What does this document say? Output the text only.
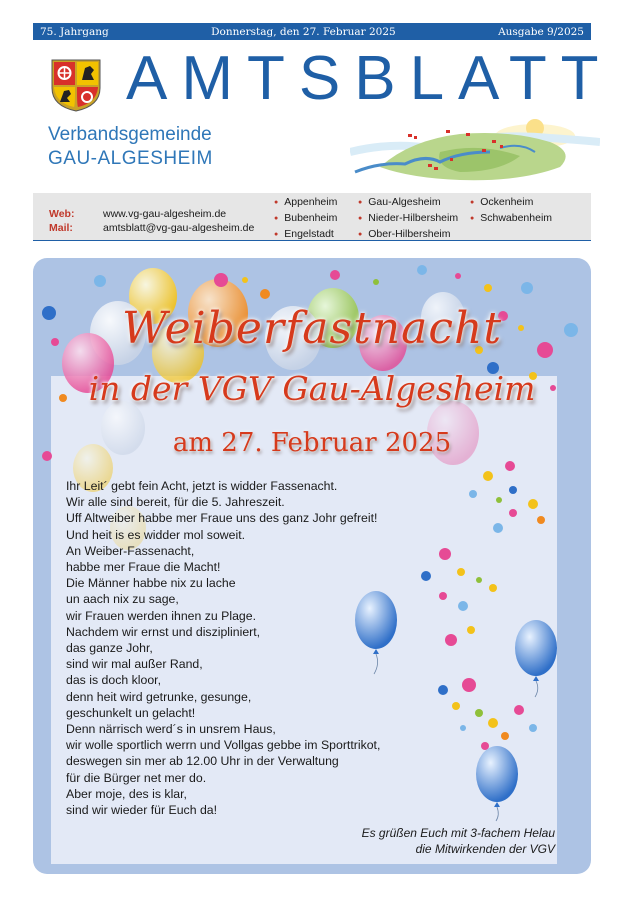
75. Jahrgang	Donnerstag, den 27. Februar 2025	Ausgabe 9/2025
AMTSBLATT
Verbandsgemeinde
GAU-ALGESHEIM
Web:	www.vg-gau-algesheim.de
Mail:	amtsblatt@vg-gau-algesheim.de
● Appenheim
● Bubenheim
● Engelstadt
● Gau-Algesheim
● Nieder-Hilbersheim
● Ober-Hilbersheim
● Ockenheim
● Schwabenheim
Weiberfastnacht
in der VGV Gau-Algesheim
am 27. Februar 2025
Ihr Leit´ gebt fein Acht, jetzt is widder Fassenacht.
Wir alle sind bereit, für die 5. Jahreszeit.
Uff Altweiber habbe mer Fraue uns des ganz Johr gefreit!
Und heit is es widder mol soweit.
An Weiber-Fassenacht,
habbe mer Fraue die Macht!
Die Männer habbe nix zu lache
un aach nix zu sage,
wir Frauen werden ihnen zu Plage.
Nachdem wir ernst und diszipliniert,
das ganze Johr,
sind wir mal außer Rand,
das is doch kloor,
denn heit wird getrunke, gesunge,
geschunkelt un gelacht!
Denn närrisch werd´s in unsrem Haus,
wir wolle sportlich werrn und Vollgas gebbe im Sporttrikot,
deswegen sin mer ab 12.00 Uhr in der Verwaltung
für die Bürger net mer do.
Aber moje, des is klar,
sind wir wieder für Euch da!
Es grüßen Euch mit 3-fachem Helau
die Mitwirkenden der VGV
